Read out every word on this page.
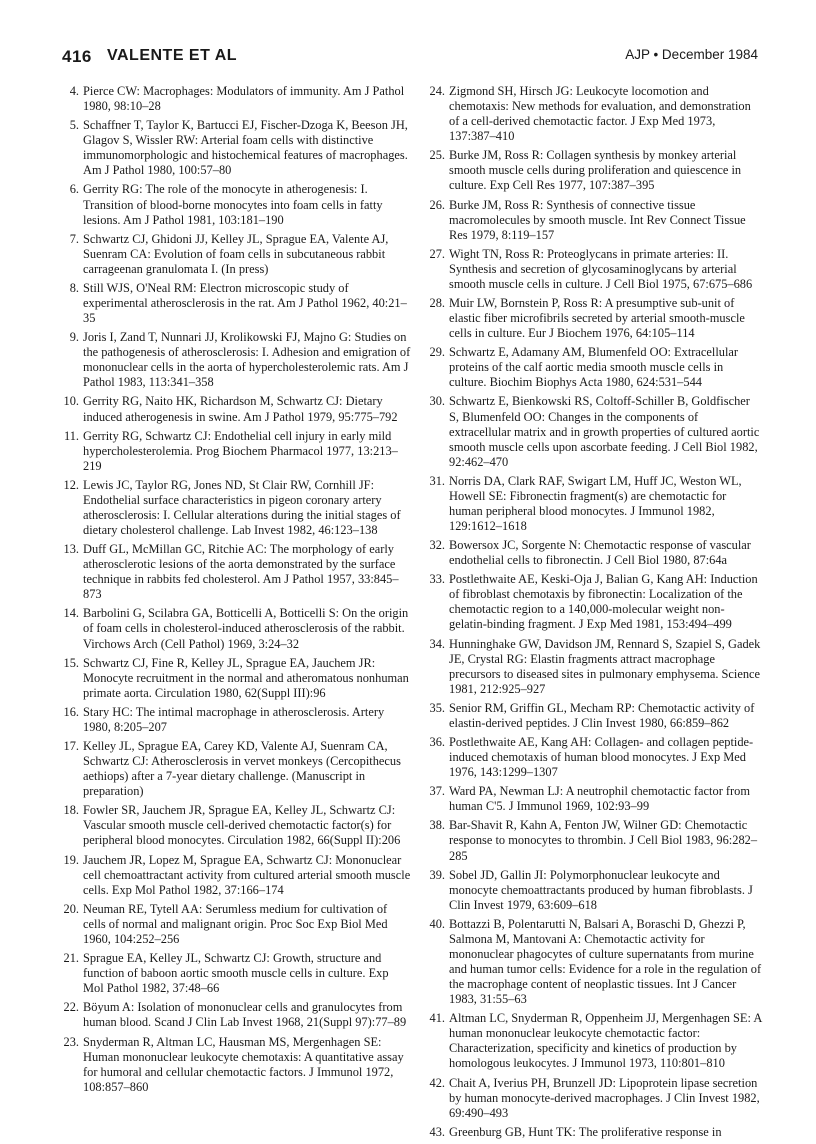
416 VALENTE ET AL	AJP • December 1984
4. Pierce CW: Macrophages: Modulators of immunity. Am J Pathol 1980, 98:10–28
5. Schaffner T, Taylor K, Bartucci EJ, Fischer-Dzoga K, Beeson JH, Glagov S, Wissler RW: Arterial foam cells with distinctive immunomorphologic and histochemical features of macrophages. Am J Pathol 1980, 100:57–80
6. Gerrity RG: The role of the monocyte in atherogenesis: I. Transition of blood-borne monocytes into foam cells in fatty lesions. Am J Pathol 1981, 103:181–190
7. Schwartz CJ, Ghidoni JJ, Kelley JL, Sprague EA, Valente AJ, Suenram CA: Evolution of foam cells in subcutaneous rabbit carrageenan granulomata I. (In press)
8. Still WJS, O'Neal RM: Electron microscopic study of experimental atherosclerosis in the rat. Am J Pathol 1962, 40:21–35
9. Joris I, Zand T, Nunnari JJ, Krolikowski FJ, Majno G: Studies on the pathogenesis of atherosclerosis: I. Adhesion and emigration of mononuclear cells in the aorta of hypercholesterolemic rats. Am J Pathol 1983, 113:341–358
10. Gerrity RG, Naito HK, Richardson M, Schwartz CJ: Dietary induced atherogenesis in swine. Am J Pathol 1979, 95:775–792
11. Gerrity RG, Schwartz CJ: Endothelial cell injury in early mild hypercholesterolemia. Prog Biochem Pharmacol 1977, 13:213–219
12. Lewis JC, Taylor RG, Jones ND, St Clair RW, Cornhill JF: Endothelial surface characteristics in pigeon coronary artery atherosclerosis: I. Cellular alterations during the initial stages of dietary cholesterol challenge. Lab Invest 1982, 46:123–138
13. Duff GL, McMillan GC, Ritchie AC: The morphology of early atherosclerotic lesions of the aorta demonstrated by the surface technique in rabbits fed cholesterol. Am J Pathol 1957, 33:845–873
14. Barbolini G, Scilabra GA, Botticelli A, Botticelli S: On the origin of foam cells in cholesterol-induced atherosclerosis of the rabbit. Virchows Arch (Cell Pathol) 1969, 3:24–32
15. Schwartz CJ, Fine R, Kelley JL, Sprague EA, Jauchem JR: Monocyte recruitment in the normal and atheromatous nonhuman primate aorta. Circulation 1980, 62(Suppl III):96
16. Stary HC: The intimal macrophage in atherosclerosis. Artery 1980, 8:205–207
17. Kelley JL, Sprague EA, Carey KD, Valente AJ, Suenram CA, Schwartz CJ: Atherosclerosis in vervet monkeys (Cercopithecus aethiops) after a 7-year dietary challenge. (Manuscript in preparation)
18. Fowler SR, Jauchem JR, Sprague EA, Kelley JL, Schwartz CJ: Vascular smooth muscle cell-derived chemotactic factor(s) for peripheral blood monocytes. Circulation 1982, 66(Suppl II):206
19. Jauchem JR, Lopez M, Sprague EA, Schwartz CJ: Mononuclear cell chemoattractant activity from cultured arterial smooth muscle cells. Exp Mol Pathol 1982, 37:166–174
20. Neuman RE, Tytell AA: Serumless medium for cultivation of cells of normal and malignant origin. Proc Soc Exp Biol Med 1960, 104:252–256
21. Sprague EA, Kelley JL, Schwartz CJ: Growth, structure and function of baboon aortic smooth muscle cells in culture. Exp Mol Pathol 1982, 37:48–66
22. Böyum A: Isolation of mononuclear cells and granulocytes from human blood. Scand J Clin Lab Invest 1968, 21(Suppl 97):77–89
23. Snyderman R, Altman LC, Hausman MS, Mergenhagen SE: Human mononuclear leukocyte chemotaxis: A quantitative assay for humoral and cellular chemotactic factors. J Immunol 1972, 108:857–860
24. Zigmond SH, Hirsch JG: Leukocyte locomotion and chemotaxis: New methods for evaluation, and demonstration of a cell-derived chemotactic factor. J Exp Med 1973, 137:387–410
25. Burke JM, Ross R: Collagen synthesis by monkey arterial smooth muscle cells during proliferation and quiescence in culture. Exp Cell Res 1977, 107:387–395
26. Burke JM, Ross R: Synthesis of connective tissue macromolecules by smooth muscle. Int Rev Connect Tissue Res 1979, 8:119–157
27. Wight TN, Ross R: Proteoglycans in primate arteries: II. Synthesis and secretion of glycosaminoglycans by arterial smooth muscle cells in culture. J Cell Biol 1975, 67:675–686
28. Muir LW, Bornstein P, Ross R: A presumptive sub-unit of elastic fiber microfibrils secreted by arterial smooth-muscle cells in culture. Eur J Biochem 1976, 64:105–114
29. Schwartz E, Adamany AM, Blumenfeld OO: Extracellular proteins of the calf aortic media smooth muscle cells in culture. Biochim Biophys Acta 1980, 624:531–544
30. Schwartz E, Bienkowski RS, Coltoff-Schiller B, Goldfischer S, Blumenfeld OO: Changes in the components of extracellular matrix and in growth properties of cultured aortic smooth muscle cells upon ascorbate feeding. J Cell Biol 1982, 92:462–470
31. Norris DA, Clark RAF, Swigart LM, Huff JC, Weston WL, Howell SE: Fibronectin fragment(s) are chemotactic for human peripheral blood monocytes. J Immunol 1982, 129:1612–1618
32. Bowersox JC, Sorgente N: Chemotactic response of vascular endothelial cells to fibronectin. J Cell Biol 1980, 87:64a
33. Postlethwaite AE, Keski-Oja J, Balian G, Kang AH: Induction of fibroblast chemotaxis by fibronectin: Localization of the chemotactic region to a 140,000-molecular weight non-gelatin-binding fragment. J Exp Med 1981, 153:494–499
34. Hunninghake GW, Davidson JM, Rennard S, Szapiel S, Gadek JE, Crystal RG: Elastin fragments attract macrophage precursors to diseased sites in pulmonary emphysema. Science 1981, 212:925–927
35. Senior RM, Griffin GL, Mecham RP: Chemotactic activity of elastin-derived peptides. J Clin Invest 1980, 66:859–862
36. Postlethwaite AE, Kang AH: Collagen- and collagen peptide-induced chemotaxis of human blood monocytes. J Exp Med 1976, 143:1299–1307
37. Ward PA, Newman LJ: A neutrophil chemotactic factor from human C'5. J Immunol 1969, 102:93–99
38. Bar-Shavit R, Kahn A, Fenton JW, Wilner GD: Chemotactic response to monocytes to thrombin. J Cell Biol 1983, 96:282–285
39. Sobel JD, Gallin JI: Polymorphonuclear leukocyte and monocyte chemoattractants produced by human fibroblasts. J Clin Invest 1979, 63:609–618
40. Bottazzi B, Polentarutti N, Balsari A, Boraschi D, Ghezzi P, Salmona M, Mantovani A: Chemotactic activity for mononuclear phagocytes of culture supernatants from murine and human tumor cells: Evidence for a role in the regulation of the macrophage content of neoplastic tissues. Int J Cancer 1983, 31:55–63
41. Altman LC, Snyderman R, Oppenheim JJ, Mergenhagen SE: A human mononuclear leukocyte chemotactic factor: Characterization, specificity and kinetics of production by homologous leukocytes. J Immunol 1973, 110:801–810
42. Chait A, Iverius PH, Brunzell JD: Lipoprotein lipase secretion by human monocyte-derived macrophages. J Clin Invest 1982, 69:490–493
43. Greenburg GB, Hunt TK: The proliferative response in
